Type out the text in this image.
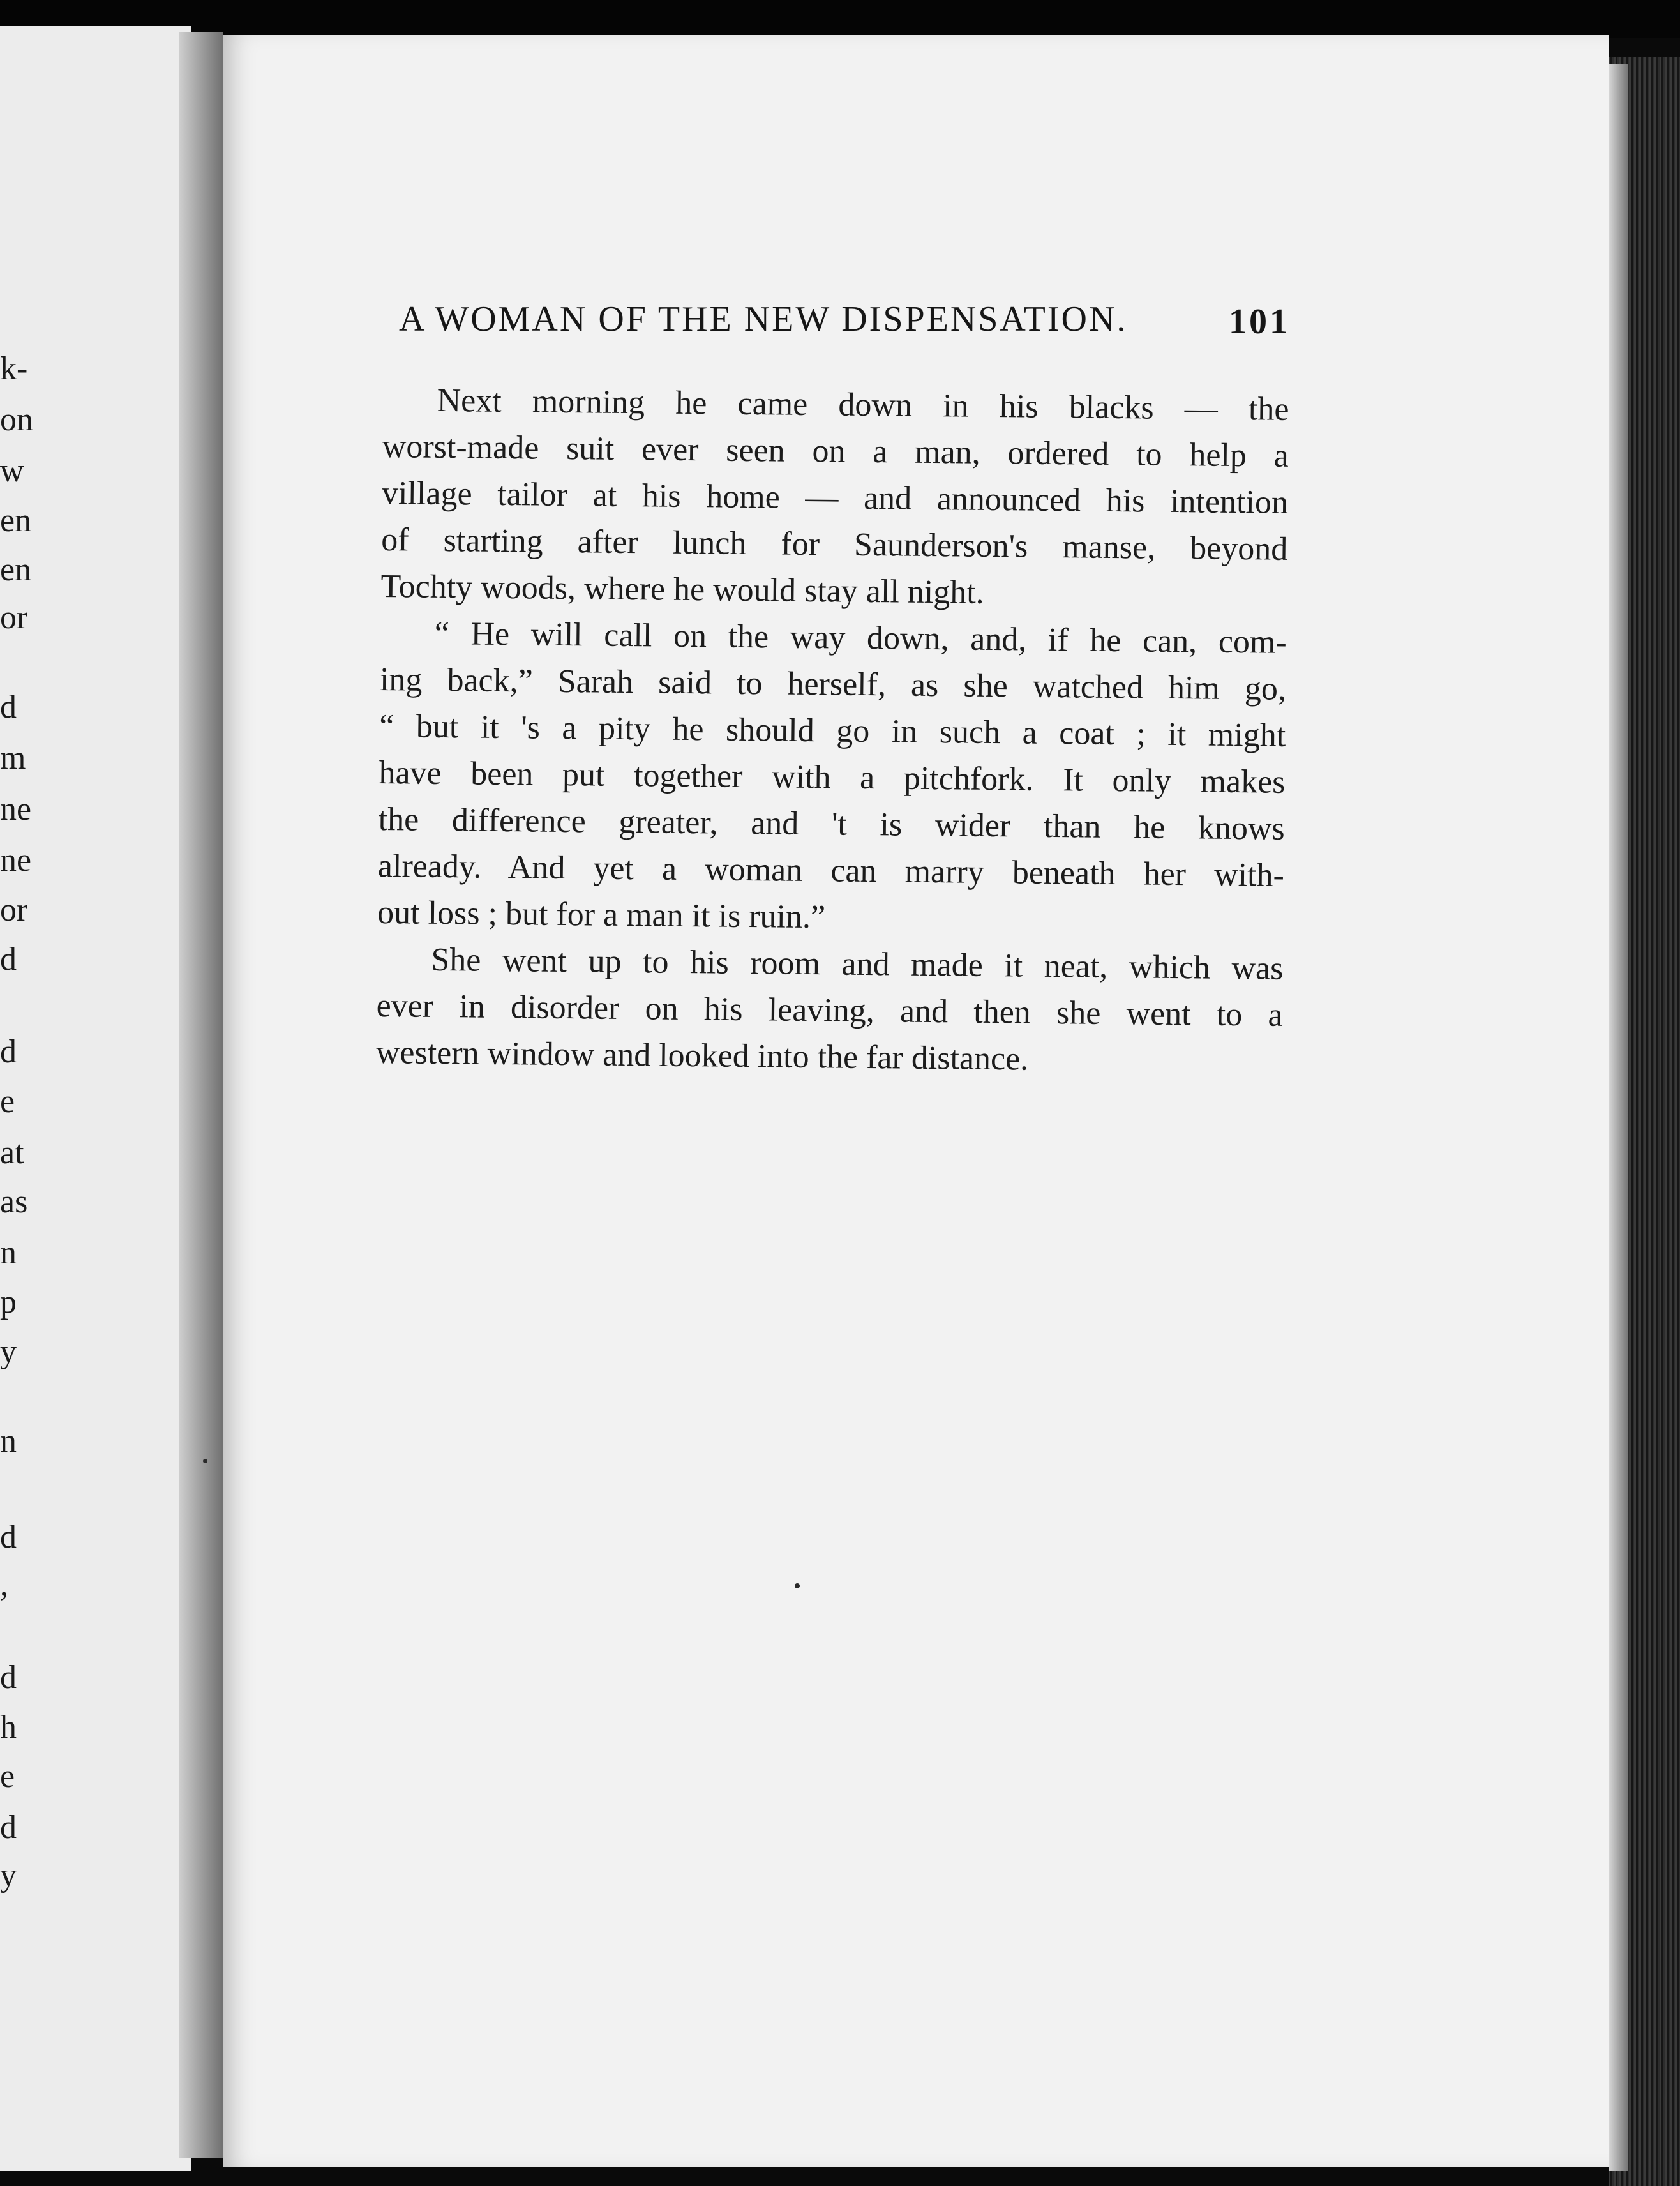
k-
on
w
en
en
or
d
m
ne
ne
or
d
d
e
at
as
n
p
y
n
d
,
d
h
e
d
y
A WOMAN OF THE NEW DISPENSATION.	101
Next morning he came down in his blacks — the
worst-made suit ever seen on a man, ordered to help a
village tailor at his home — and announced his intention
of starting after lunch for Saunderson's manse, beyond
Tochty woods, where he would stay all night.
“ He will call on the way down, and, if he can, com-
ing back,” Sarah said to herself, as she watched him go,
“ but it 's a pity he should go in such a coat ; it might
have been put together with a pitchfork. It only makes
the difference greater, and 't is wider than he knows
already. And yet a woman can marry beneath her with-
out loss ; but for a man it is ruin.”
She went up to his room and made it neat, which was
ever in disorder on his leaving, and then she went to a
western window and looked into the far distance.
